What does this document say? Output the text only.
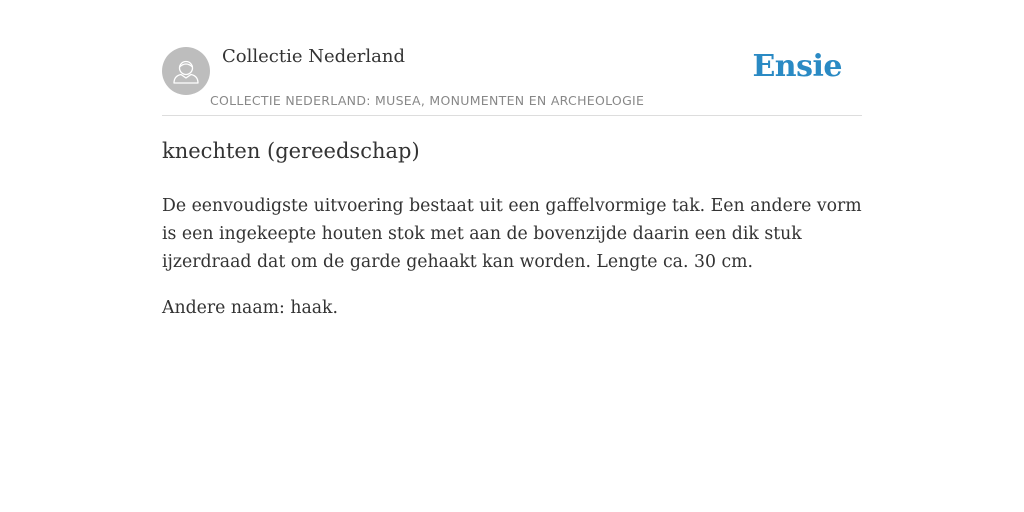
Collectie Nederland
COLLECTIE NEDERLAND: MUSEA, MONUMENTEN EN ARCHEOLOGIE
Ensie
knechten (gereedschap)

De eenvoudigste uitvoering bestaat uit een gaffelvormige tak. Een andere vorm is een ingekeepte houten stok met aan de bovenzijde daarin een dik stuk ijzerdraad dat om de garde gehaakt kan worden. Lengte ca. 30 cm.

Andere naam: haak.
